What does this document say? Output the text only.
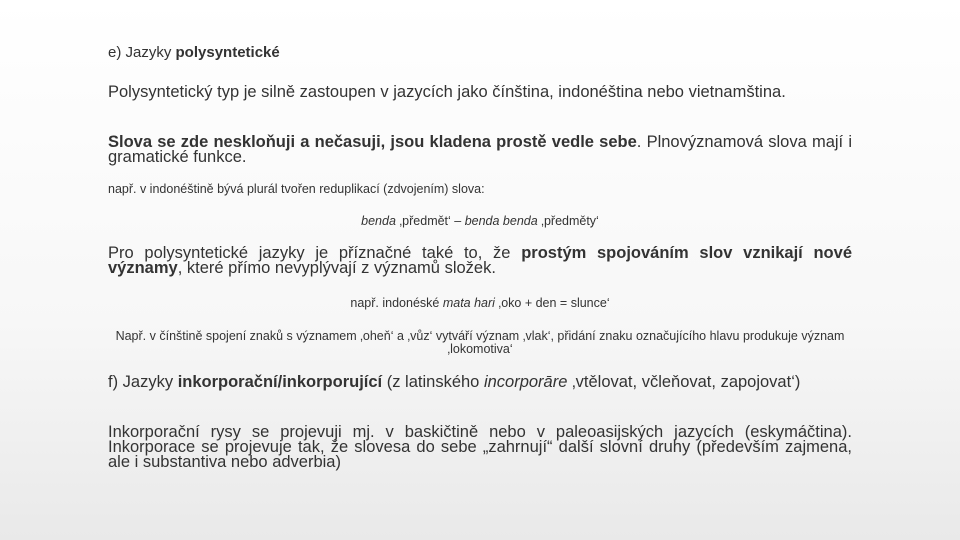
e) Jazyky polysyntetické

Polysyntetický typ je silně zastoupen v jazycích jako čínština, indonéština nebo vietnamština.

Slova se zde neskloňuji a nečasuji, jsou kladena prostě vedle sebe. Plnovýznamová slova mají i gramatické funkce.

např. v indonéštině bývá plurál tvořen reduplikací (zdvojením) slova:

benda ‚předmět‘ – benda benda ‚předměty‘

Pro polysyntetické jazyky je příznačné také to, že prostým spojováním slov vznikají nové významy, které přímo nevyplývají z významů složek.

např. indonéské mata hari ‚oko + den = slunce‘

Např. v čínštině spojení znaků s významem ‚oheň‘ a ‚vůz‘ vytváří význam ‚vlak‘, přidání znaku označujícího hlavu produkuje význam ‚lokomotiva‘

f) Jazyky inkorporační/inkorporující (z latinského incorporāre ‚vtělovat, včleňovat, zapojovat‘)

Inkorporační rysy se projevuji mj. v baskičtině nebo v paleoasijských jazycích (eskymáčtina). Inkorporace se projevuje tak, že slovesa do sebe „zahrnují“ další slovní druhy (především zajmena, ale i substantiva nebo adverbia)
